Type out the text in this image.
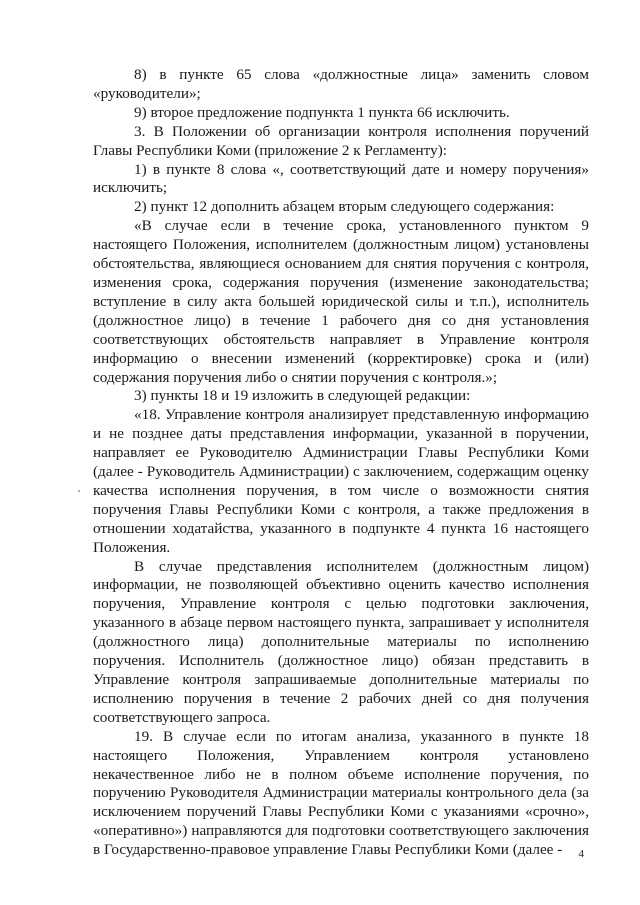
8) в пункте 65 слова «должностные лица» заменить словом «руководители»;

9) второе предложение подпункта 1 пункта 66 исключить.

3. В Положении об организации контроля исполнения поручений Главы Республики Коми (приложение 2 к Регламенту):

1) в пункте 8 слова «, соответствующий дате и номеру поручения» исключить;

2) пункт 12 дополнить абзацем вторым следующего содержания:

«В случае если в течение срока, установленного пунктом 9 настоящего Положения, исполнителем (должностным лицом) установлены обстоятельства, являющиеся основанием для снятия поручения с контроля, изменения срока, содержания поручения (изменение законодательства; вступление в силу акта большей юридической силы и т.п.), исполнитель (должностное лицо) в течение 1 рабочего дня со дня установления соответствующих обстоятельств направляет в Управление контроля информацию о внесении изменений (корректировке) срока и (или) содержания поручения либо о снятии поручения с контроля.»;

3) пункты 18 и 19 изложить в следующей редакции:

«18. Управление контроля анализирует представленную информацию и не позднее даты представления информации, указанной в поручении, направляет ее Руководителю Администрации Главы Республики Коми (далее - Руководитель Администрации) с заключением, содержащим оценку качества исполнения поручения, в том числе о возможности снятия поручения Главы Республики Коми с контроля, а также предложения в отношении ходатайства, указанного в подпункте 4 пункта 16 настоящего Положения.

В случае представления исполнителем (должностным лицом) информации, не позволяющей объективно оценить качество исполнения поручения, Управление контроля с целью подготовки заключения, указанного в абзаце первом настоящего пункта, запрашивает у исполнителя (должностного лица) дополнительные материалы по исполнению поручения. Исполнитель (должностное лицо) обязан представить в Управление контроля запрашиваемые дополнительные материалы по исполнению поручения в течение 2 рабочих дней со дня получения соответствующего запроса.

19. В случае если по итогам анализа, указанного в пункте 18 настоящего Положения, Управлением контроля установлено некачественное либо не в полном объеме исполнение поручения, по поручению Руководителя Администрации материалы контрольного дела (за исключением поручений Главы Республики Коми с указаниями «срочно», «оперативно») направляются для подготовки соответствующего заключения в Государственно-правовое управление Главы Республики Коми (далее -	4
